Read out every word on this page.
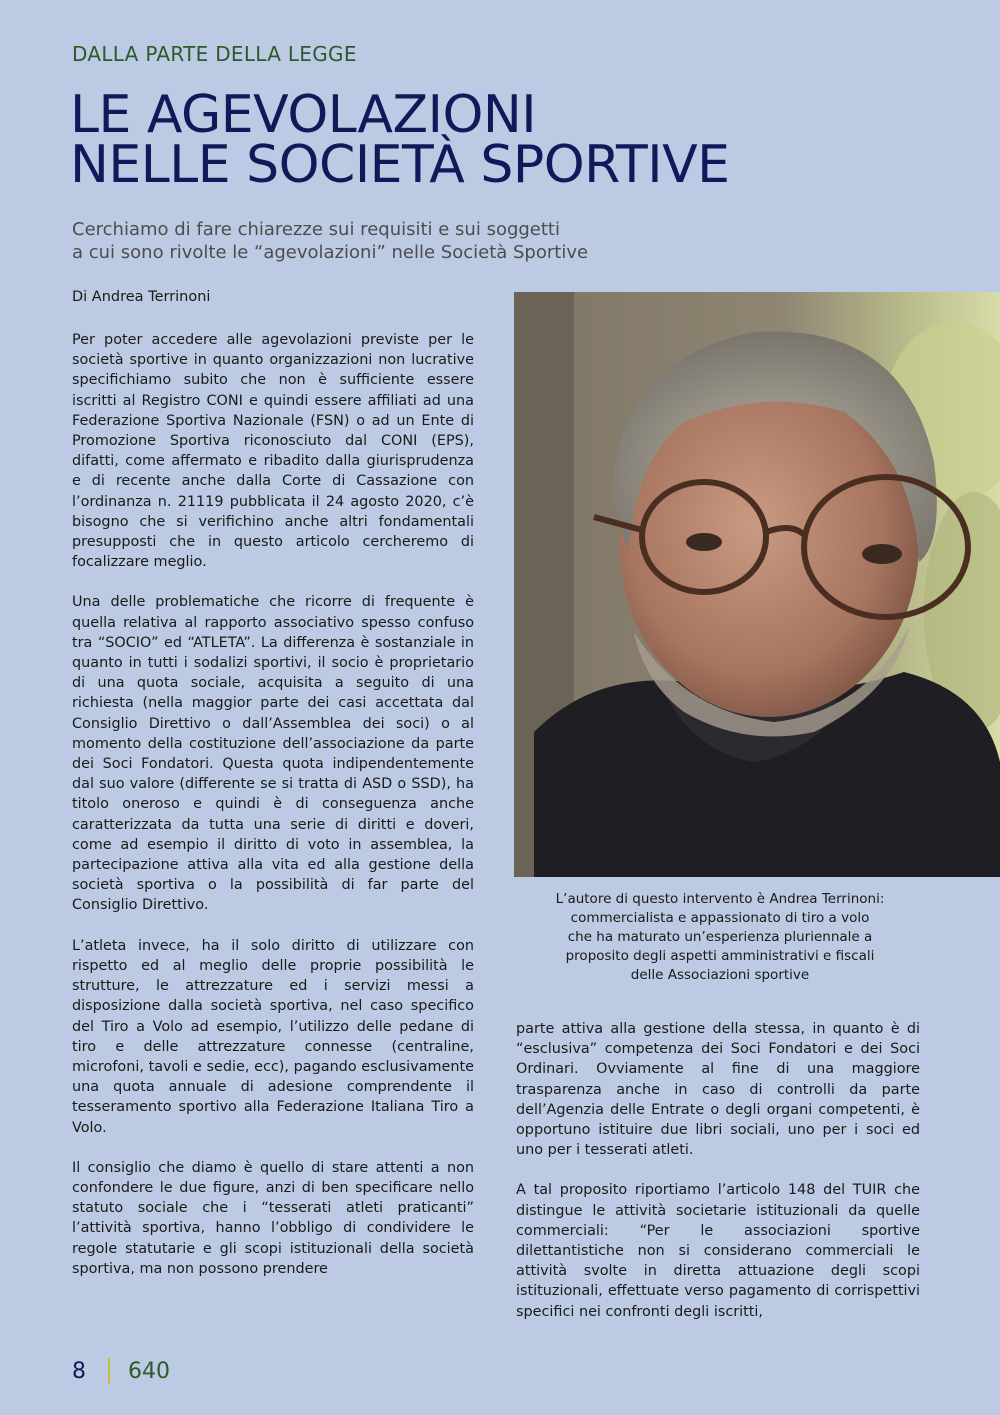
DALLA PARTE DELLA LEGGE
LE AGEVOLAZIONI
NELLE SOCIETÀ SPORTIVE
Cerchiamo di fare chiarezze sui requisiti e sui soggetti
a cui sono rivolte le “agevolazioni” nelle Società Sportive
Di Andrea Terrinoni

Per poter accedere alle agevolazioni previste per le società sportive in quanto organizzazioni non lucrative specifichiamo subito che non è sufficiente essere iscritti al Registro CONI e quindi essere affiliati ad una Federazione Sportiva Nazionale (FSN) o ad un Ente di Promozione Sportiva riconosciuto dal CONI (EPS), difatti, come affermato e ribadito dalla giurisprudenza e di recente anche dalla Corte di Cassazione con l’ordinanza n. 21119 pubblicata il 24 agosto 2020, c’è bisogno che si verifichino anche altri fondamentali presupposti che in questo articolo cercheremo di focalizzare meglio.

Una delle problematiche che ricorre di frequente è quella relativa al rapporto associativo spesso confuso tra “SOCIO” ed “ATLETA”. La differenza è sostanziale in quanto in tutti i sodalizi sportivi, il socio è proprietario di una quota sociale, acquisita a seguito di una richiesta (nella maggior parte dei casi accettata dal Consiglio Direttivo o dall’Assemblea dei soci) o al momento della costituzione dell’associazione da parte dei Soci Fondatori. Questa quota indipendentemente dal suo valore (differente se si tratta di ASD o SSD), ha titolo oneroso e quindi è di conseguenza anche caratterizzata da tutta una serie di diritti e doveri, come ad esempio il diritto di voto in assemblea, la partecipazione attiva alla vita ed alla gestione della società sportiva o la possibilità di far parte del Consiglio Direttivo.

L’atleta invece, ha il solo diritto di utilizzare con rispetto ed al meglio delle proprie possibilità le strutture, le attrezzature ed i servizi messi a disposizione dalla società sportiva, nel caso specifico del Tiro a Volo ad esempio, l’utilizzo delle pedane di tiro e delle attrezzature connesse (centraline, microfoni, tavoli e sedie, ecc), pagando esclusivamente una quota annuale di adesione comprendente il tesseramento sportivo alla Federazione Italiana Tiro a Volo.

Il consiglio che diamo è quello di stare attenti a non confondere le due figure, anzi di ben specificare nello statuto sociale che i “tesserati atleti praticanti” l’attività sportiva, hanno l’obbligo di condividere le regole statutarie e gli scopi istituzionali della società sportiva, ma non possono prendere

L’autore di questo intervento è Andrea Terrinoni:
commercialista e appassionato di tiro a volo
che ha maturato un’esperienza pluriennale a
proposito degli aspetti amministrativi e fiscali
delle Associazioni sportive

parte attiva alla gestione della stessa, in quanto è di “esclusiva” competenza dei Soci Fondatori e dei Soci Ordinari. Ovviamente al fine di una maggiore trasparenza anche in caso di controlli da parte dell’Agenzia delle Entrate o degli organi competenti, è opportuno istituire due libri sociali, uno per i soci ed uno per i tesserati atleti.

A tal proposito riportiamo l’articolo 148 del TUIR che distingue le attività societarie istituzionali da quelle commerciali: “Per le associazioni sportive dilettantistiche non si considerano commerciali le attività svolte in diretta attuazione degli scopi istituzionali, effettuate verso pagamento di corrispettivi specifici nei confronti degli iscritti,

8 640
